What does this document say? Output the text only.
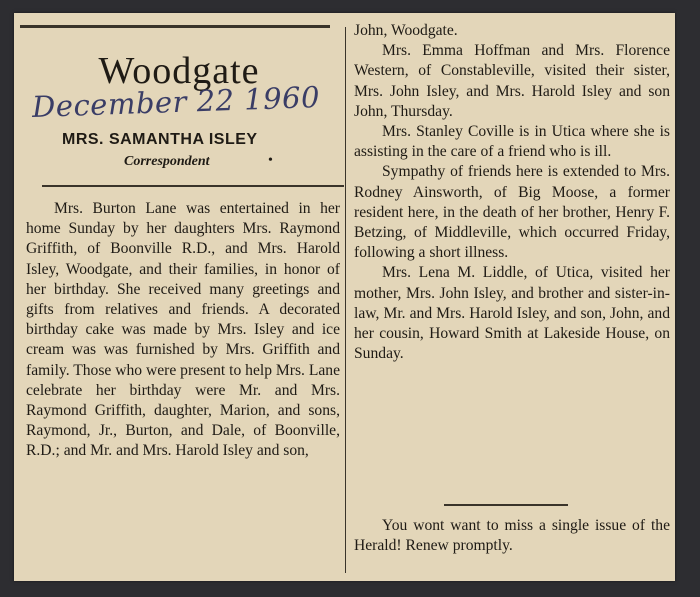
Woodgate
December 22 1960
MRS. SAMANTHA ISLEY
Correspondent	•

Mrs. Burton Lane was entertained in her home Sunday by her daughters Mrs. Raymond Griffith, of Boonville R.D., and Mrs. Harold Isley, Woodgate, and their families, in honor of her birthday. She received many greetings and gifts from relatives and friends. A decorated birthday cake was made by Mrs. Isley and ice cream was was furnished by Mrs. Griffith and family. Those who were present to help Mrs. Lane celebrate her birthday were Mr. and Mrs. Raymond Griffith, daughter, Marion, and sons, Raymond, Jr., Burton, and Dale, of Boonville, R.D.; and Mr. and Mrs. Harold Isley and son,

John, Woodgate.

Mrs. Emma Hoffman and Mrs. Florence Western, of Constableville, visited their sister, Mrs. John Isley, and Mrs. Harold Isley and son John, Thursday.

Mrs. Stanley Coville is in Utica where she is assisting in the care of a friend who is ill.

Sympathy of friends here is extended to Mrs. Rodney Ainsworth, of Big Moose, a former resident here, in the death of her brother, Henry F. Betzing, of Middleville, which occurred Friday, following a short illness.

Mrs. Lena M. Liddle, of Utica, visited her mother, Mrs. John Isley, and brother and sister-in-law, Mr. and Mrs. Harold Isley, and son, John, and her cousin, Howard Smith at Lakeside House, on Sunday.

You wont want to miss a single issue of the Herald! Renew promptly.
